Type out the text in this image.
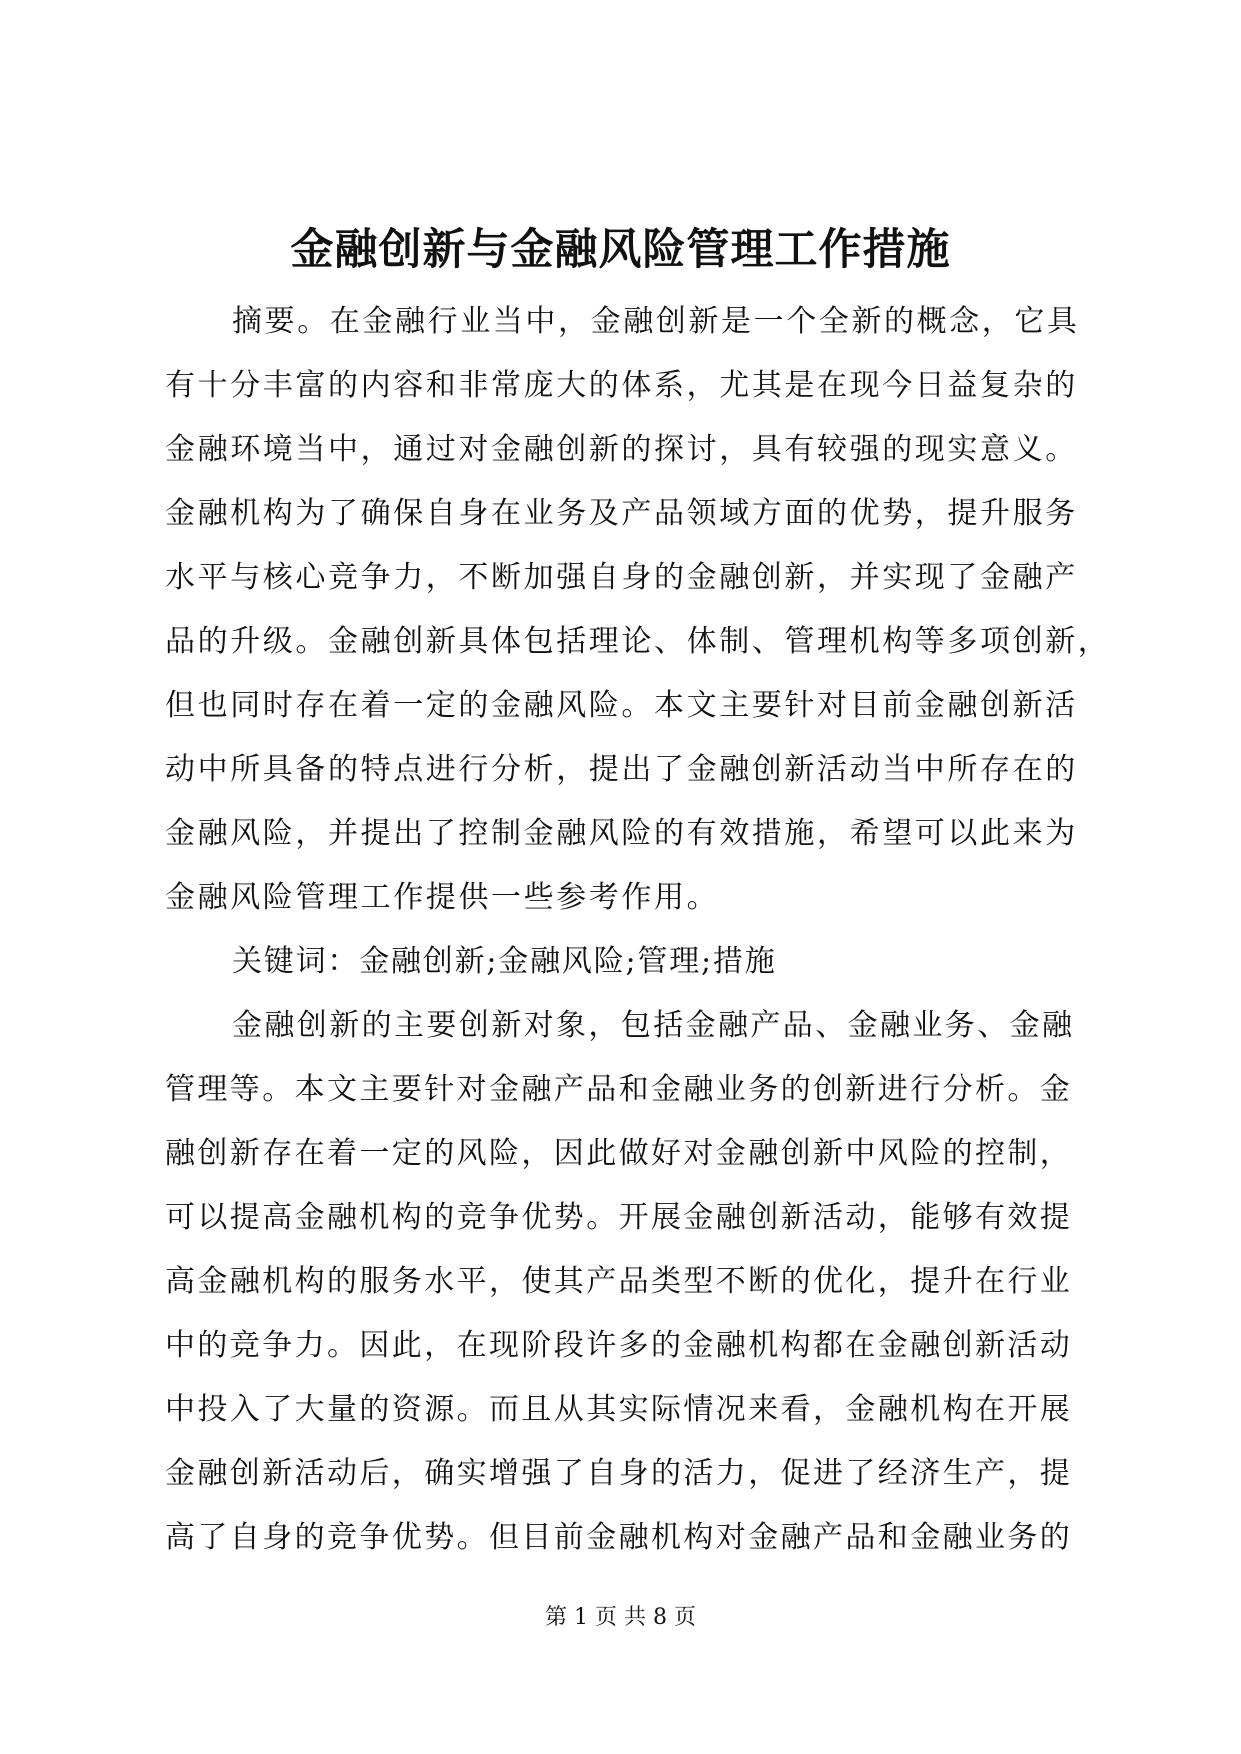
金融创新与金融风险管理工作措施
摘要。在金融行业当中，金融创新是一个全新的概念，它具
有十分丰富的内容和非常庞大的体系，尤其是在现今日益复杂的
金融环境当中，通过对金融创新的探讨，具有较强的现实意义。
金融机构为了确保自身在业务及产品领域方面的优势，提升服务
水平与核心竞争力，不断加强自身的金融创新，并实现了金融产
品的升级。金融创新具体包括理论、体制、管理机构等多项创新，
但也同时存在着一定的金融风险。本文主要针对目前金融创新活
动中所具备的特点进行分析，提出了金融创新活动当中所存在的
金融风险，并提出了控制金融风险的有效措施，希望可以此来为
金融风险管理工作提供一些参考作用。
关键词：金融创新;金融风险;管理;措施
金融创新的主要创新对象，包括金融产品、金融业务、金融
管理等。本文主要针对金融产品和金融业务的创新进行分析。金
融创新存在着一定的风险，因此做好对金融创新中风险的控制，
可以提高金融机构的竞争优势。开展金融创新活动，能够有效提
高金融机构的服务水平，使其产品类型不断的优化，提升在行业
中的竞争力。因此，在现阶段许多的金融机构都在金融创新活动
中投入了大量的资源。而且从其实际情况来看，金融机构在开展
金融创新活动后，确实增强了自身的活力，促进了经济生产，提
高了自身的竞争优势。但目前金融机构对金融产品和金融业务的
第 1 页 共 8 页
